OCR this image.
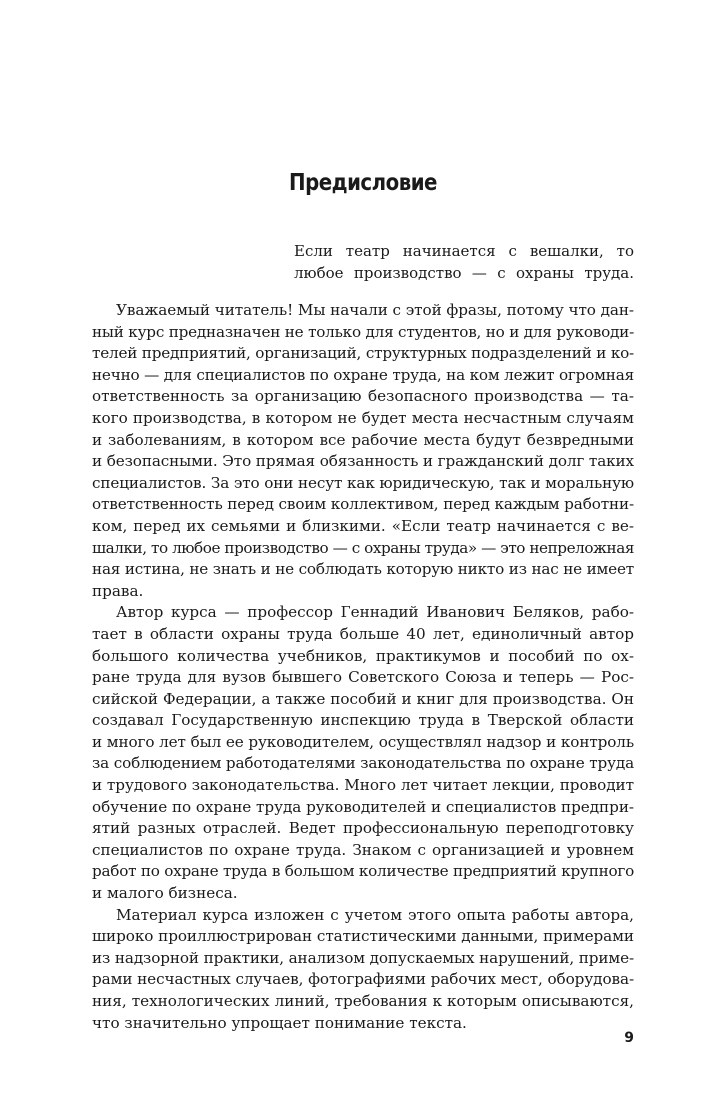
Предисловие
Если театр начинается с вешалки, то
любое производство — с охраны труда.
Уважаемый читатель! Мы начали с этой фразы, потому что дан-
ный курс предназначен не только для студентов, но и для руководи-
телей предприятий, организаций, структурных подразделений и ко-
нечно — для специалистов по охране труда, на ком лежит огромная
ответственность за организацию безопасного производства — та-
кого производства, в котором не будет места несчастным случаям
и заболеваниям, в котором все рабочие места будут безвредными
и безопасными. Это прямая обязанность и гражданский долг таких
специалистов. За это они несут как юридическую, так и моральную
ответственность перед своим коллективом, перед каждым работни-
ком, перед их семьями и близкими. «Если театр начинается с ве-
шалки, то любое производство — с охраны труда» — это непреложная
ная истина, не знать и не соблюдать которую никто из нас не имеет
права.
Автор курса — профессор Геннадий Иванович Беляков, рабо-
тает в области охраны труда больше 40 лет, единоличный автор
большого количества учебников, практикумов и пособий по ох-
ране труда для вузов бывшего Советского Союза и теперь — Рос-
сийской Федерации, а также пособий и книг для производства. Он
создавал Государственную инспекцию труда в Тверской области
и много лет был ее руководителем, осуществлял надзор и контроль
за соблюдением работодателями законодательства по охране труда
и трудового законодательства. Много лет читает лекции, проводит
обучение по охране труда руководителей и специалистов предпри-
ятий разных отраслей. Ведет профессиональную переподготовку
специалистов по охране труда. Знаком с организацией и уровнем
работ по охране труда в большом количестве предприятий крупного
и малого бизнеса.
Материал курса изложен с учетом этого опыта работы автора,
широко проиллюстрирован статистическими данными, примерами
из надзорной практики, анализом допускаемых нарушений, приме-
рами несчастных случаев, фотографиями рабочих мест, оборудова-
ния, технологических линий, требования к которым описываются,
что значительно упрощает понимание текста.
9
